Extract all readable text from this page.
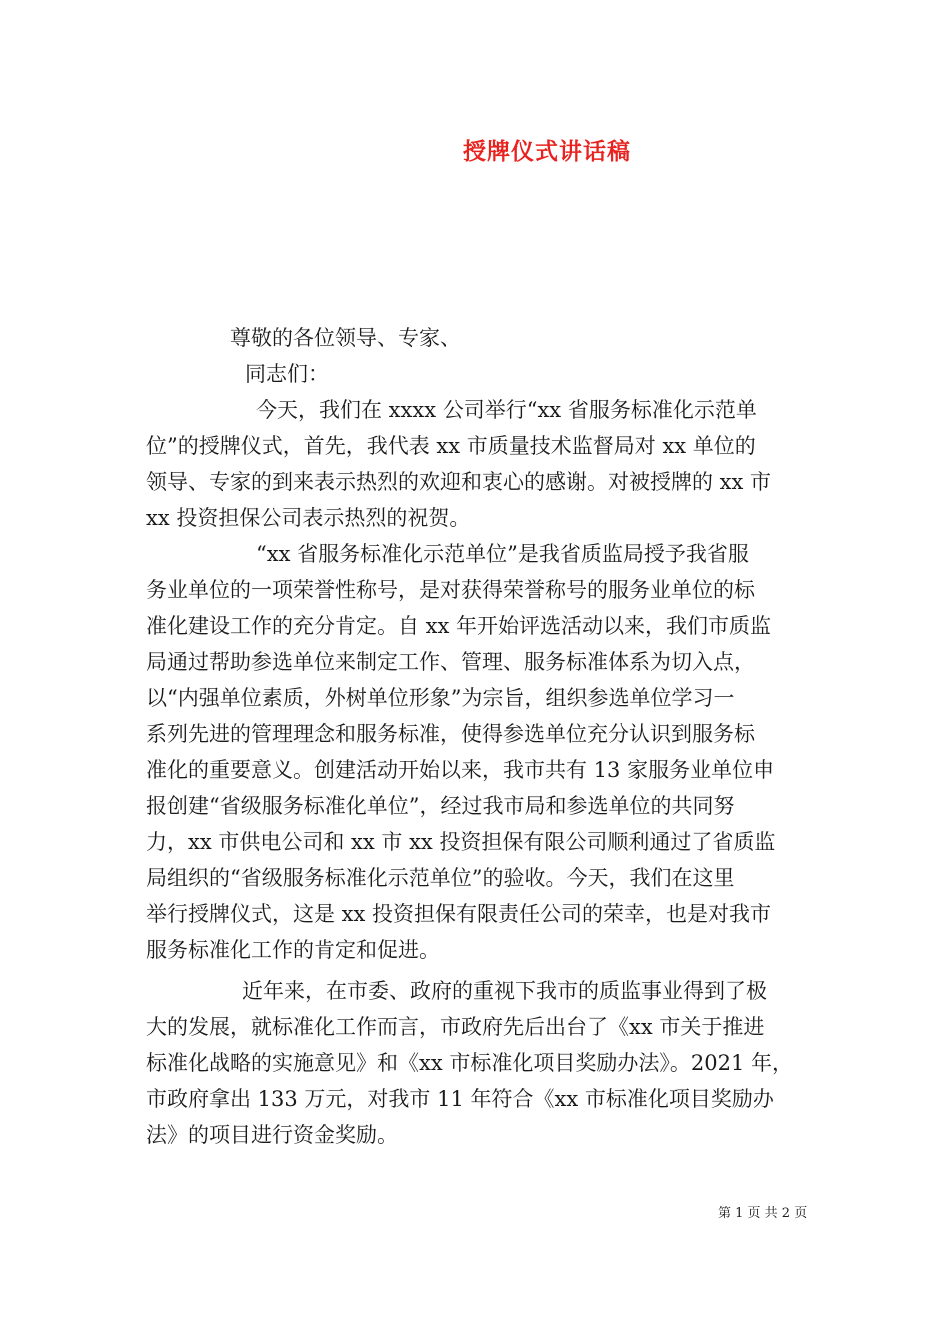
授牌仪式讲话稿
尊敬的各位领导、专家、
同志们：
今天，我们在 xxxx 公司举行“xx 省服务标准化示范单
位”的授牌仪式，首先，我代表 xx 市质量技术监督局对 xx 单位的
领导、专家的到来表示热烈的欢迎和衷心的感谢。对被授牌的 xx 市
xx 投资担保公司表示热烈的祝贺。
“xx 省服务标准化示范单位”是我省质监局授予我省服
务业单位的一项荣誉性称号，是对获得荣誉称号的服务业单位的标
准化建设工作的充分肯定。自 xx 年开始评选活动以来，我们市质监
局通过帮助参选单位来制定工作、管理、服务标准体系为切入点，
以“内强单位素质，外树单位形象”为宗旨，组织参选单位学习一
系列先进的管理理念和服务标准，使得参选单位充分认识到服务标
准化的重要意义。创建活动开始以来，我市共有 13 家服务业单位申
报创建“省级服务标准化单位”，经过我市局和参选单位的共同努
力，xx 市供电公司和 xx 市 xx 投资担保有限公司顺利通过了省质监
局组织的“省级服务标准化示范单位”的验收。今天，我们在这里
举行授牌仪式，这是 xx 投资担保有限责任公司的荣幸，也是对我市
服务标准化工作的肯定和促进。
近年来，在市委、政府的重视下我市的质监事业得到了极
大的发展，就标准化工作而言，市政府先后出台了《xx 市关于推进
标准化战略的实施意见》和《xx 市标准化项目奖励办法》。2021 年，
市政府拿出 133 万元，对我市 11 年符合《xx 市标准化项目奖励办
法》的项目进行资金奖励。
第 1 页 共 2 页
